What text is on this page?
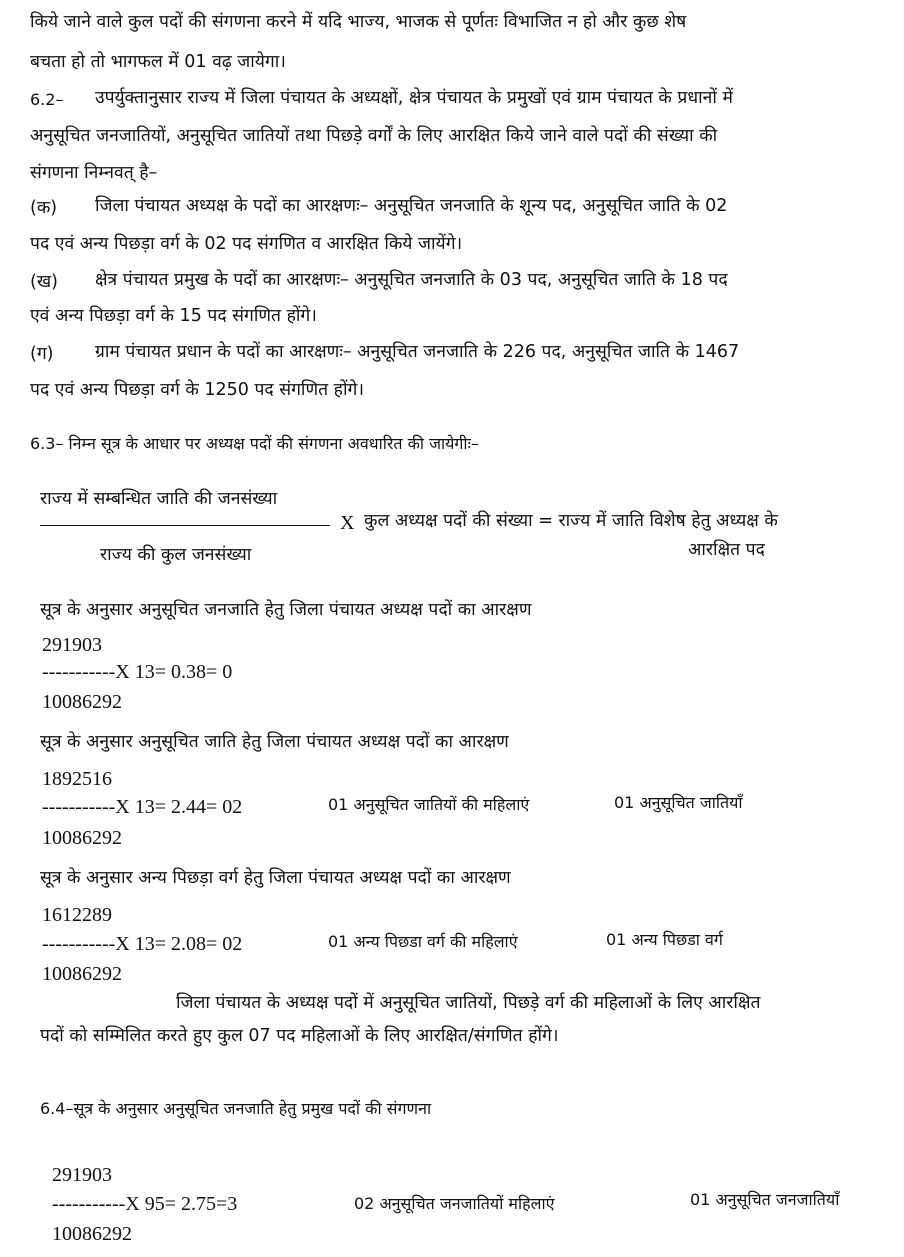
किये जाने वाले कुल पदों की संगणना करने में यदि भाज्य, भाजक से पूर्णतः विभाजित न हो और कुछ शेष
बचता हो तो भागफल में 01 वढ़ जायेगा।
6.2– उपर्युक्तानुसार राज्य में जिला पंचायत के अध्यक्षों, क्षेत्र पंचायत के प्रमुखों एवं ग्राम पंचायत के प्रधानों में
अनुसूचित जनजातियों, अनुसूचित जातियों तथा पिछड़े वर्गों के लिए आरक्षित किये जाने वाले पदों की संख्या की
संगणना निम्नवत् है–
(क) जिला पंचायत अध्यक्ष के पदों का आरक्षणः– अनुसूचित जनजाति के शून्य पद, अनुसूचित जाति के 02
पद एवं अन्य पिछड़ा वर्ग के 02 पद संगणित व आरक्षित किये जायेंगे।
(ख) क्षेत्र पंचायत प्रमुख के पदों का आरक्षणः– अनुसूचित जनजाति के 03 पद, अनुसूचित जाति के 18 पद
एवं अन्य पिछड़ा वर्ग के 15 पद संगणित होंगे।
(ग) ग्राम पंचायत प्रधान के पदों का आरक्षणः– अनुसूचित जनजाति के 226 पद, अनुसूचित जाति के 1467
पद एवं अन्य पिछड़ा वर्ग के 1250 पद संगणित होंगे।
6.3– निम्न सूत्र के आधार पर अध्यक्ष पदों की संगणना अवधारित की जायेगीः–
राज्य में सम्बन्धित जाति की जनसंख्या
X कुल अध्यक्ष पदों की संख्या = राज्य में जाति विशेष हेतु अध्यक्ष के
राज्य की कुल जनसंख्या	आरक्षित पद
सूत्र के अनुसार अनुसूचित जनजाति हेतु जिला पंचायत अध्यक्ष पदों का आरक्षण
291903
-----------X 13= 0.38= 0
10086292
सूत्र के अनुसार अनुसूचित जाति हेतु जिला पंचायत अध्यक्ष पदों का आरक्षण
1892516
-----------X 13= 2.44= 02	01 अनुसूचित जातियों की महिलाएं	01 अनुसूचित जातियाँ
10086292
सूत्र के अनुसार अन्य पिछड़ा वर्ग हेतु जिला पंचायत अध्यक्ष पदों का आरक्षण
1612289
-----------X 13= 2.08= 02	01 अन्य पिछडा वर्ग की महिलाएं	01 अन्य पिछडा वर्ग
10086292
जिला पंचायत के अध्यक्ष पदों में अनुसूचित जातियों, पिछड़े वर्ग की महिलाओं के लिए आरक्षित
पदों को सम्मिलित करते हुए कुल 07 पद महिलाओं के लिए आरक्षित/संगणित होंगे।
6.4–सूत्र के अनुसार अनुसूचित जनजाति हेतु प्रमुख पदों की संगणना
291903
-----------X 95= 2.75=3	02 अनुसूचित जनजातियों महिलाएं	01 अनुसूचित जनजातियाँ
10086292
